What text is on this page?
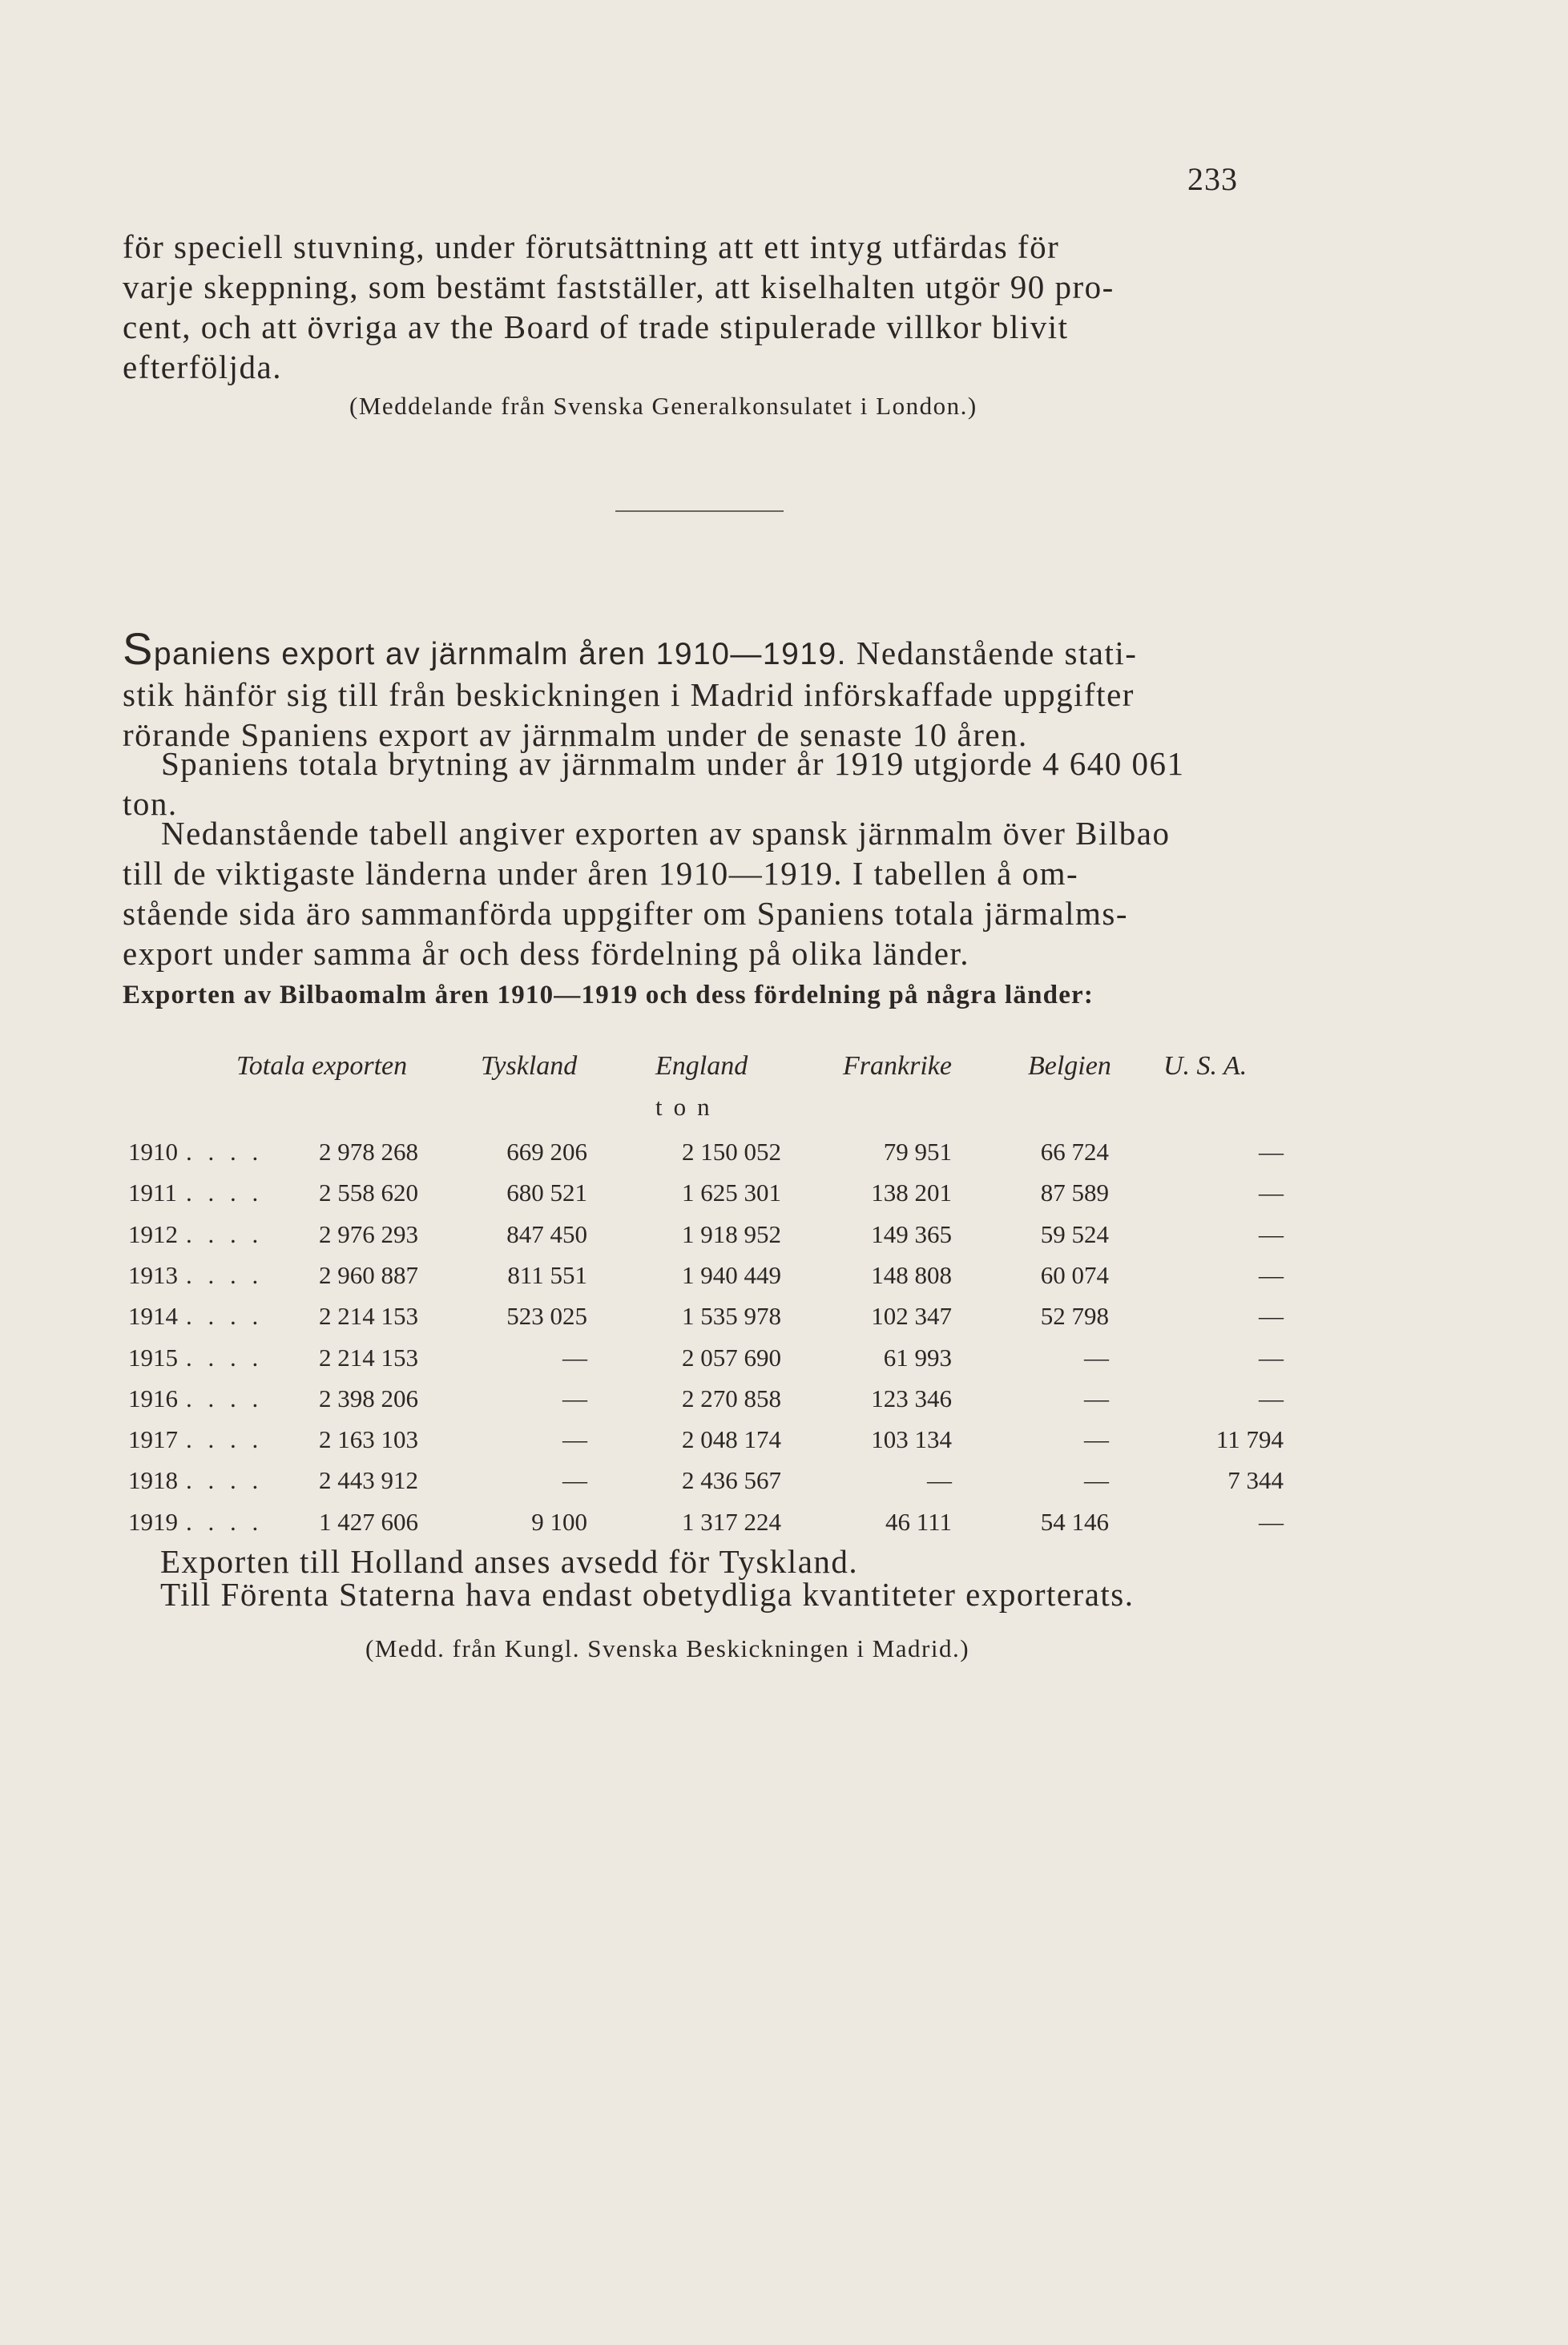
233

för speciell stuvning, under förutsättning att ett intyg utfärdas för
varje skeppning, som bestämt fastställer, att kiselhalten utgör 90 pro-
cent, och att övriga av the Board of trade stipulerade villkor blivit
efterföljda.

(Meddelande från Svenska Generalkonsulatet i London.)

Spaniens export av järnmalm åren 1910—1919. Nedanstående stati-
stik hänför sig till från beskickningen i Madrid införskaffade uppgifter
rörande Spaniens export av järnmalm under de senaste 10 åren.

Spaniens totala brytning av järnmalm under år 1919 utgjorde 4 640 061
ton.

Nedanstående tabell angiver exporten av spansk järnmalm över Bilbao
till de viktigaste länderna under åren 1910—1919. I tabellen å om-
stående sida äro sammanförda uppgifter om Spaniens totala järmalms-
export under samma år och dess fördelning på olika länder.

Exporten av Bilbaomalm åren 1910—1919 och dess fördelning på några länder:
Totala exporten	Tyskland	England	Frankrike	Belgien U. S. A.
ton
1910 . . . . 2 978 268	669 206	2 150 052	79 951	66 724	—
1911 . . . . 2 558 620	680 521	1 625 301	138 201	87 589	—
1912 . . . . 2 976 293	847 450	1 918 952	149 365	59 524	—
1913 . . . . 2 960 887	811 551	1 940 449	148 808	60 074	—
1914 . . . . 2 214 153	523 025	1 535 978	102 347	52 798	—
1915 . . . . 2 214 153	—	2 057 690	61 993	—	—
1916 . . . . 2 398 206	—	2 270 858	123 346	—	—
1917 . . . . 2 163 103	—	2 048 174	103 134	—	11 794
1918 . . . . 2 443 912	—	2 436 567	—	—	7 344
1919 . . . . 1 427 606	9 100	1 317 224	46 111	54 146	—
Exporten till Holland anses avsedd för Tyskland.
Till Förenta Staterna hava endast obetydliga kvantiteter exporterats.
(Medd. från Kungl. Svenska Beskickningen i Madrid.)
